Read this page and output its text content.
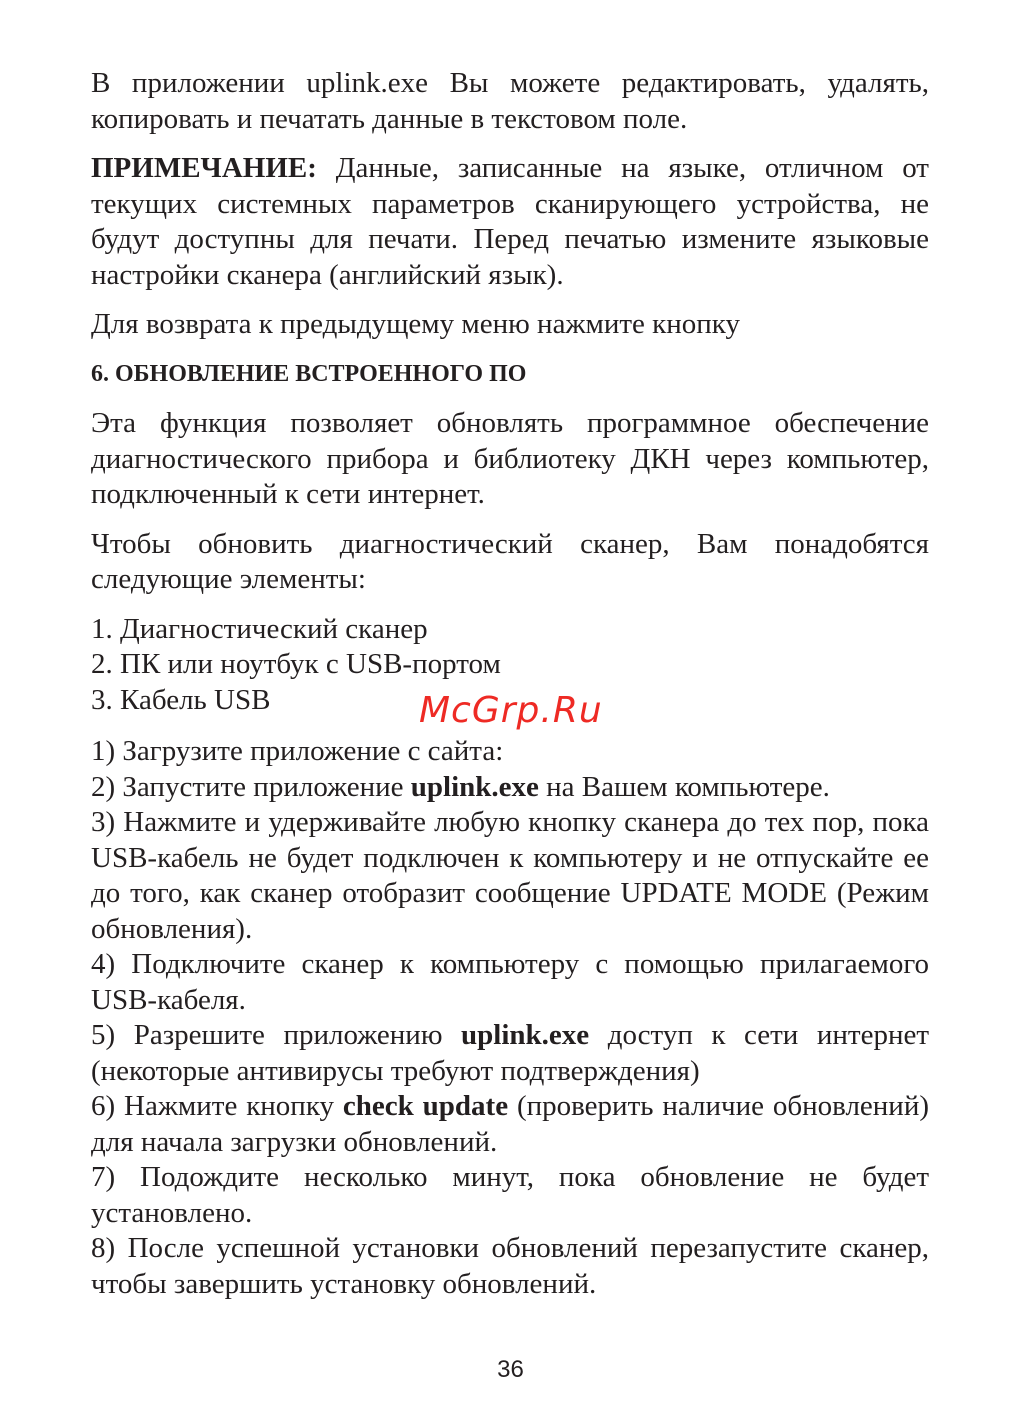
В приложении uplink.exe Вы можете редактировать, удалять, копировать и печатать данные в текстовом поле.

ПРИМЕЧАНИЕ: Данные, записанные на языке, отличном от текущих системных параметров сканирующего устройства, не будут доступны для печати. Перед печатью измените языковые настройки сканера (английский язык).

Для возврата к предыдущему меню нажмите кнопку

6. ОБНОВЛЕНИЕ ВСТРОЕННОГО ПО

Эта функция позволяет обновлять программное обеспечение диагностического прибора и библиотеку ДКН через компьютер, подключенный к сети интернет.

Чтобы обновить диагностический сканер, Вам понадобятся следующие элементы:

1. Диагностический сканер

2. ПК или ноутбук с USB-портом

3. Кабель USB

1) Загрузите приложение с сайта:

2) Запустите приложение uplink.exe на Вашем компьютере.

3) Нажмите и удерживайте любую кнопку сканера до тех пор, пока USB-кабель не будет подключен к компьютеру и не отпускайте ее до того, как сканер отобразит сообщение UPDATE MODE (Режим обновления).

4) Подключите сканер к компьютеру с помощью прилагаемого USB-кабеля.

5) Разрешите приложению uplink.exe доступ к сети интернет (некоторые антивирусы требуют подтверждения)

6) Нажмите кнопку check update (проверить наличие обновлений) для начала загрузки обновлений.

7) Подождите несколько минут, пока обновление не будет установлено.

8) После успешной установки обновлений перезапустите сканер, чтобы завершить установку обновлений.

McGrp.Ru
36
